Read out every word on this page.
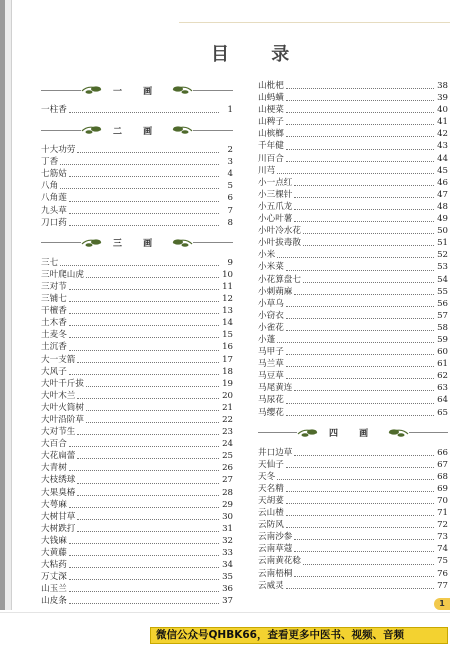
目 录
一 画
一柱香	1
二 画
十大功劳	2
丁香	3
七筋姑	4
八角	5
八角莲	6
九头草	7
刀口药	8
三 画
三七	9
三叶爬山虎	10
三对节	11
三铺七	12
干檀香	13
土木香	14
土麦冬	15
土沉香	16
大一支箭	17
大风子	18
大叶千斤拔	19
大叶木兰	20
大叶火筒树	21
大叶沿阶草	22
大对节生	23
大百合	24
大花扁蕾	25
大青树	26
大枝绣球	27
大果臭椿	28
大萼麻	29
大树甘草	30
大树跌打	31
大钱麻	32
大黄藤	33
大粘药	34
万丈深	35
山玉兰	36
山皮条	37
山枇杷	38
山蚂蟥	39
山梗菜	40
山稗子	41
山槟榔	42
千年健	43
川百合	44
川芎	45
小一点红	46
小三棵针	47
小五爪龙	48
小心叶薯	49
小叶冷水花	50
小叶拔毒散	51
小米	52
小米菜	53
小花算盘七	54
小刺蒴麻	55
小草乌	56
小窃衣	57
小雀花	58
小蓬	59
马甲子	60
马兰草	61
马豆草	62
马尾黄连	63
马尿花	64
马缨花	65
四 画
井口边草	66
天仙子	67
天冬	68
天名精	69
天胡荽	70
云山楂	71
云防风	72
云南沙参	73
云南草蔻	74
云南黄花稔	75
云南梧桐	76
云威灵	77
1
微信公众号QHBK66，查看更多中医书、视频、音频
